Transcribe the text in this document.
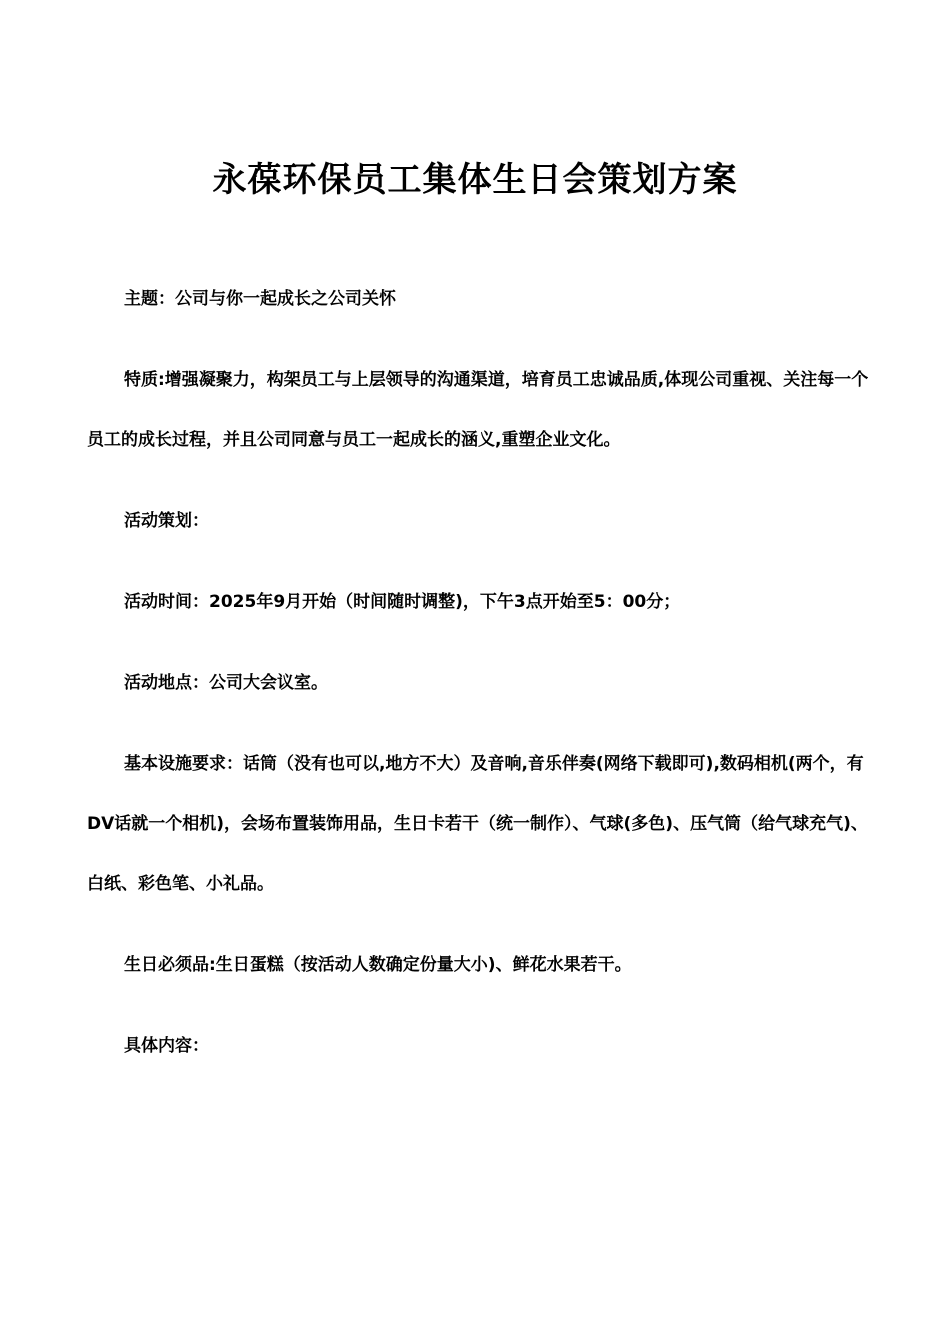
永葆环保员工集体生日会策划方案

主题：公司与你一起成长之公司关怀

特质:增强凝聚力，构架员工与上层领导的沟通渠道，培育员工忠诚品质,体现公司重视、关注每一个员工的成长过程，并且公司同意与员工一起成长的涵义,重塑企业文化。

活动策划：

活动时间：2025年9月开始（时间随时调整)，下午3点开始至5：00分；

活动地点：公司大会议室。

基本设施要求：话筒（没有也可以,地方不大）及音响,音乐伴奏(网络下载即可),数码相机(两个，有DV话就一个相机)，会场布置装饰用品，生日卡若干（统一制作）、气球(多色)、压气筒（给气球充气)、白纸、彩色笔、小礼品。

生日必须品:生日蛋糕（按活动人数确定份量大小)、鲜花水果若干。

具体内容：
